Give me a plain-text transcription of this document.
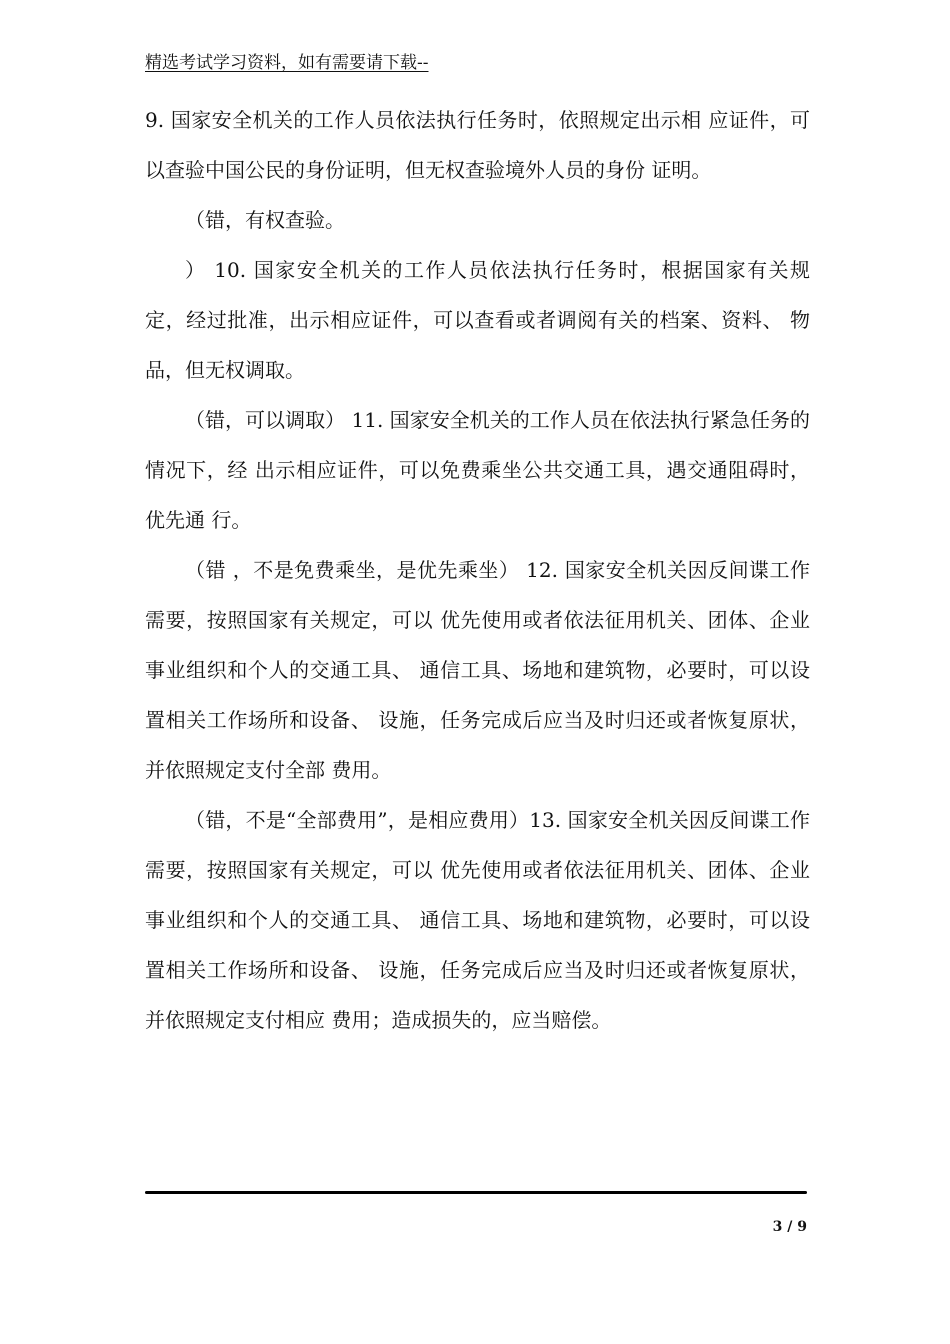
精选考试学习资料，如有需要请下载--

9. 国家安全机关的工作人员依法执行任务时，依照规定出示相 应证件，可以查验中国公民的身份证明，但无权查验境外人员的身份 证明。

（错，有权查验。

） 10. 国家安全机关的工作人员依法执行任务时，根据国家有关规 定，经过批准，出示相应证件，可以查看或者调阅有关的档案、资料、 物品，但无权调取。

（错，可以调取） 11. 国家安全机关的工作人员在依法执行紧急任务的情况下，经 出示相应证件，可以免费乘坐公共交通工具，遇交通阻碍时，优先通 行。

（错 ，不是免费乘坐，是优先乘坐） 12. 国家安全机关因反间谍工作需要，按照国家有关规定，可以 优先使用或者依法征用机关、团体、企业事业组织和个人的交通工具、 通信工具、场地和建筑物，必要时，可以设置相关工作场所和设备、 设施，任务完成后应当及时归还或者恢复原状，并依照规定支付全部 费用。

（错，不是“全部费用”，是相应费用）13. 国家安全机关因反间谍工作需要，按照国家有关规定，可以 优先使用或者依法征用机关、团体、企业事业组织和个人的交通工具、 通信工具、场地和建筑物，必要时，可以设置相关工作场所和设备、 设施，任务完成后应当及时归还或者恢复原状，并依照规定支付相应 费用；造成损失的，应当赔偿。

3 / 9
